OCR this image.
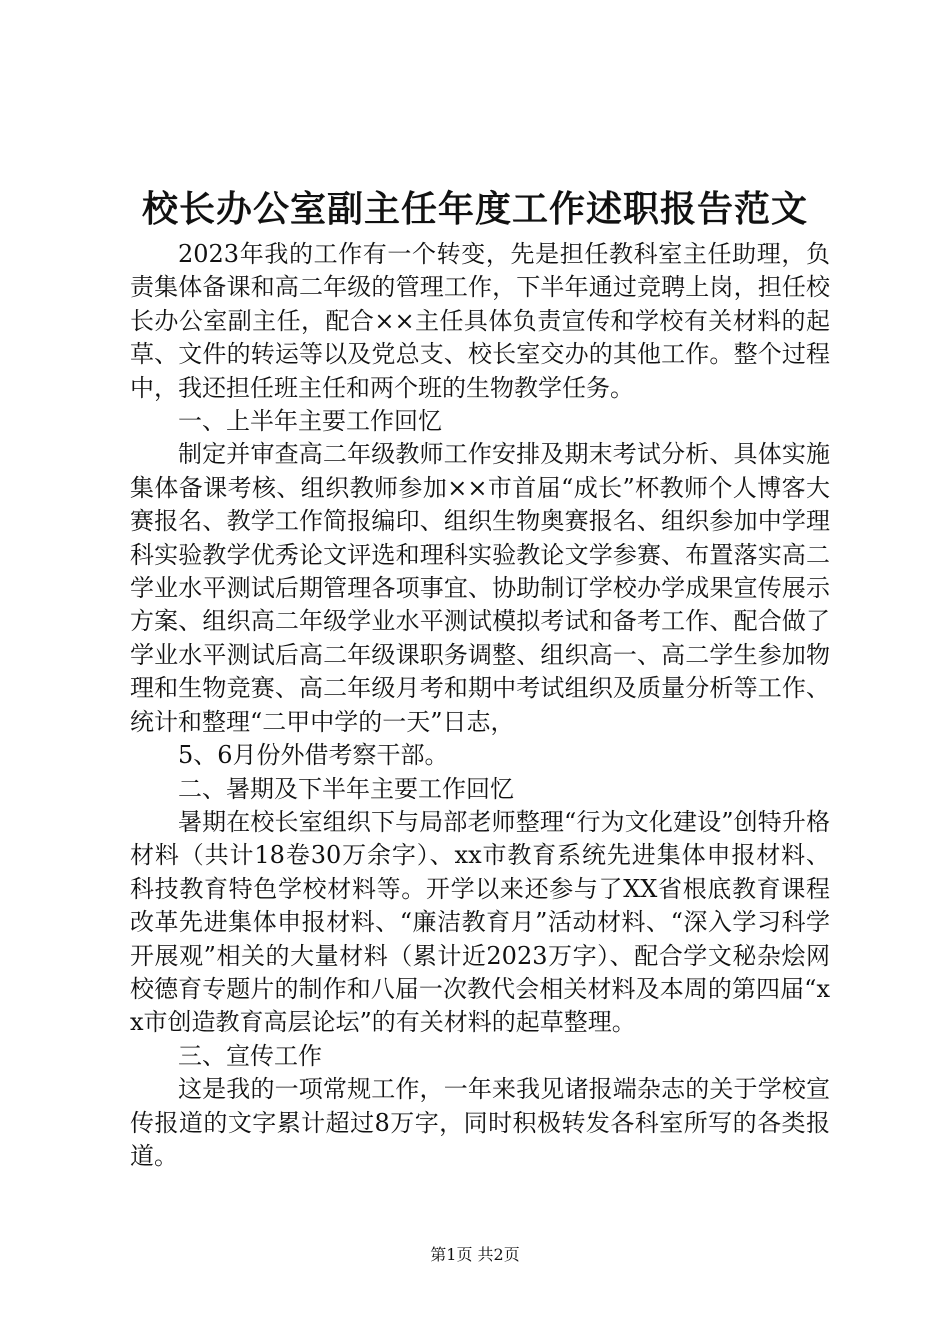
校长办公室副主任年度工作述职报告范文

2023年我的工作有一个转变，先是担任教科室主任助理，负责集体备课和高二年级的管理工作，下半年通过竞聘上岗，担任校长办公室副主任，配合××主任具体负责宣传和学校有关材料的起草、文件的转运等以及党总支、校长室交办的其他工作。整个过程中，我还担任班主任和两个班的生物教学任务。

一、上半年主要工作回忆

制定并审查高二年级教师工作安排及期末考试分析、具体实施集体备课考核、组织教师参加××市首届“成长”杯教师个人博客大赛报名、教学工作简报编印、组织生物奥赛报名、组织参加中学理科实验教学优秀论文评选和理科实验教论文学参赛、布置落实高二学业水平测试后期管理各项事宜、协助制订学校办学成果宣传展示方案、组织高二年级学业水平测试模拟考试和备考工作、配合做了学业水平测试后高二年级课职务调整、组织高一、高二学生参加物理和生物竞赛、高二年级月考和期中考试组织及质量分析等工作、统计和整理“二甲中学的一天”日志，

5、6月份外借考察干部。

二、暑期及下半年主要工作回忆

暑期在校长室组织下与局部老师整理“行为文化建设”创特升格材料（共计18卷30万余字）、xx市教育系统先进集体申报材料、科技教育特色学校材料等。开学以来还参与了XX省根底教育课程改革先进集体申报材料、“廉洁教育月”活动材料、“深入学习科学开展观”相关的大量材料（累计近2023万字）、配合学文秘杂烩网校德育专题片的制作和八届一次教代会相关材料及本周的第四届“xx市创造教育高层论坛”的有关材料的起草整理。

三、宣传工作

这是我的一项常规工作，一年来我见诸报端杂志的关于学校宣传报道的文字累计超过8万字，同时积极转发各科室所写的各类报道。

第1页 共2页
